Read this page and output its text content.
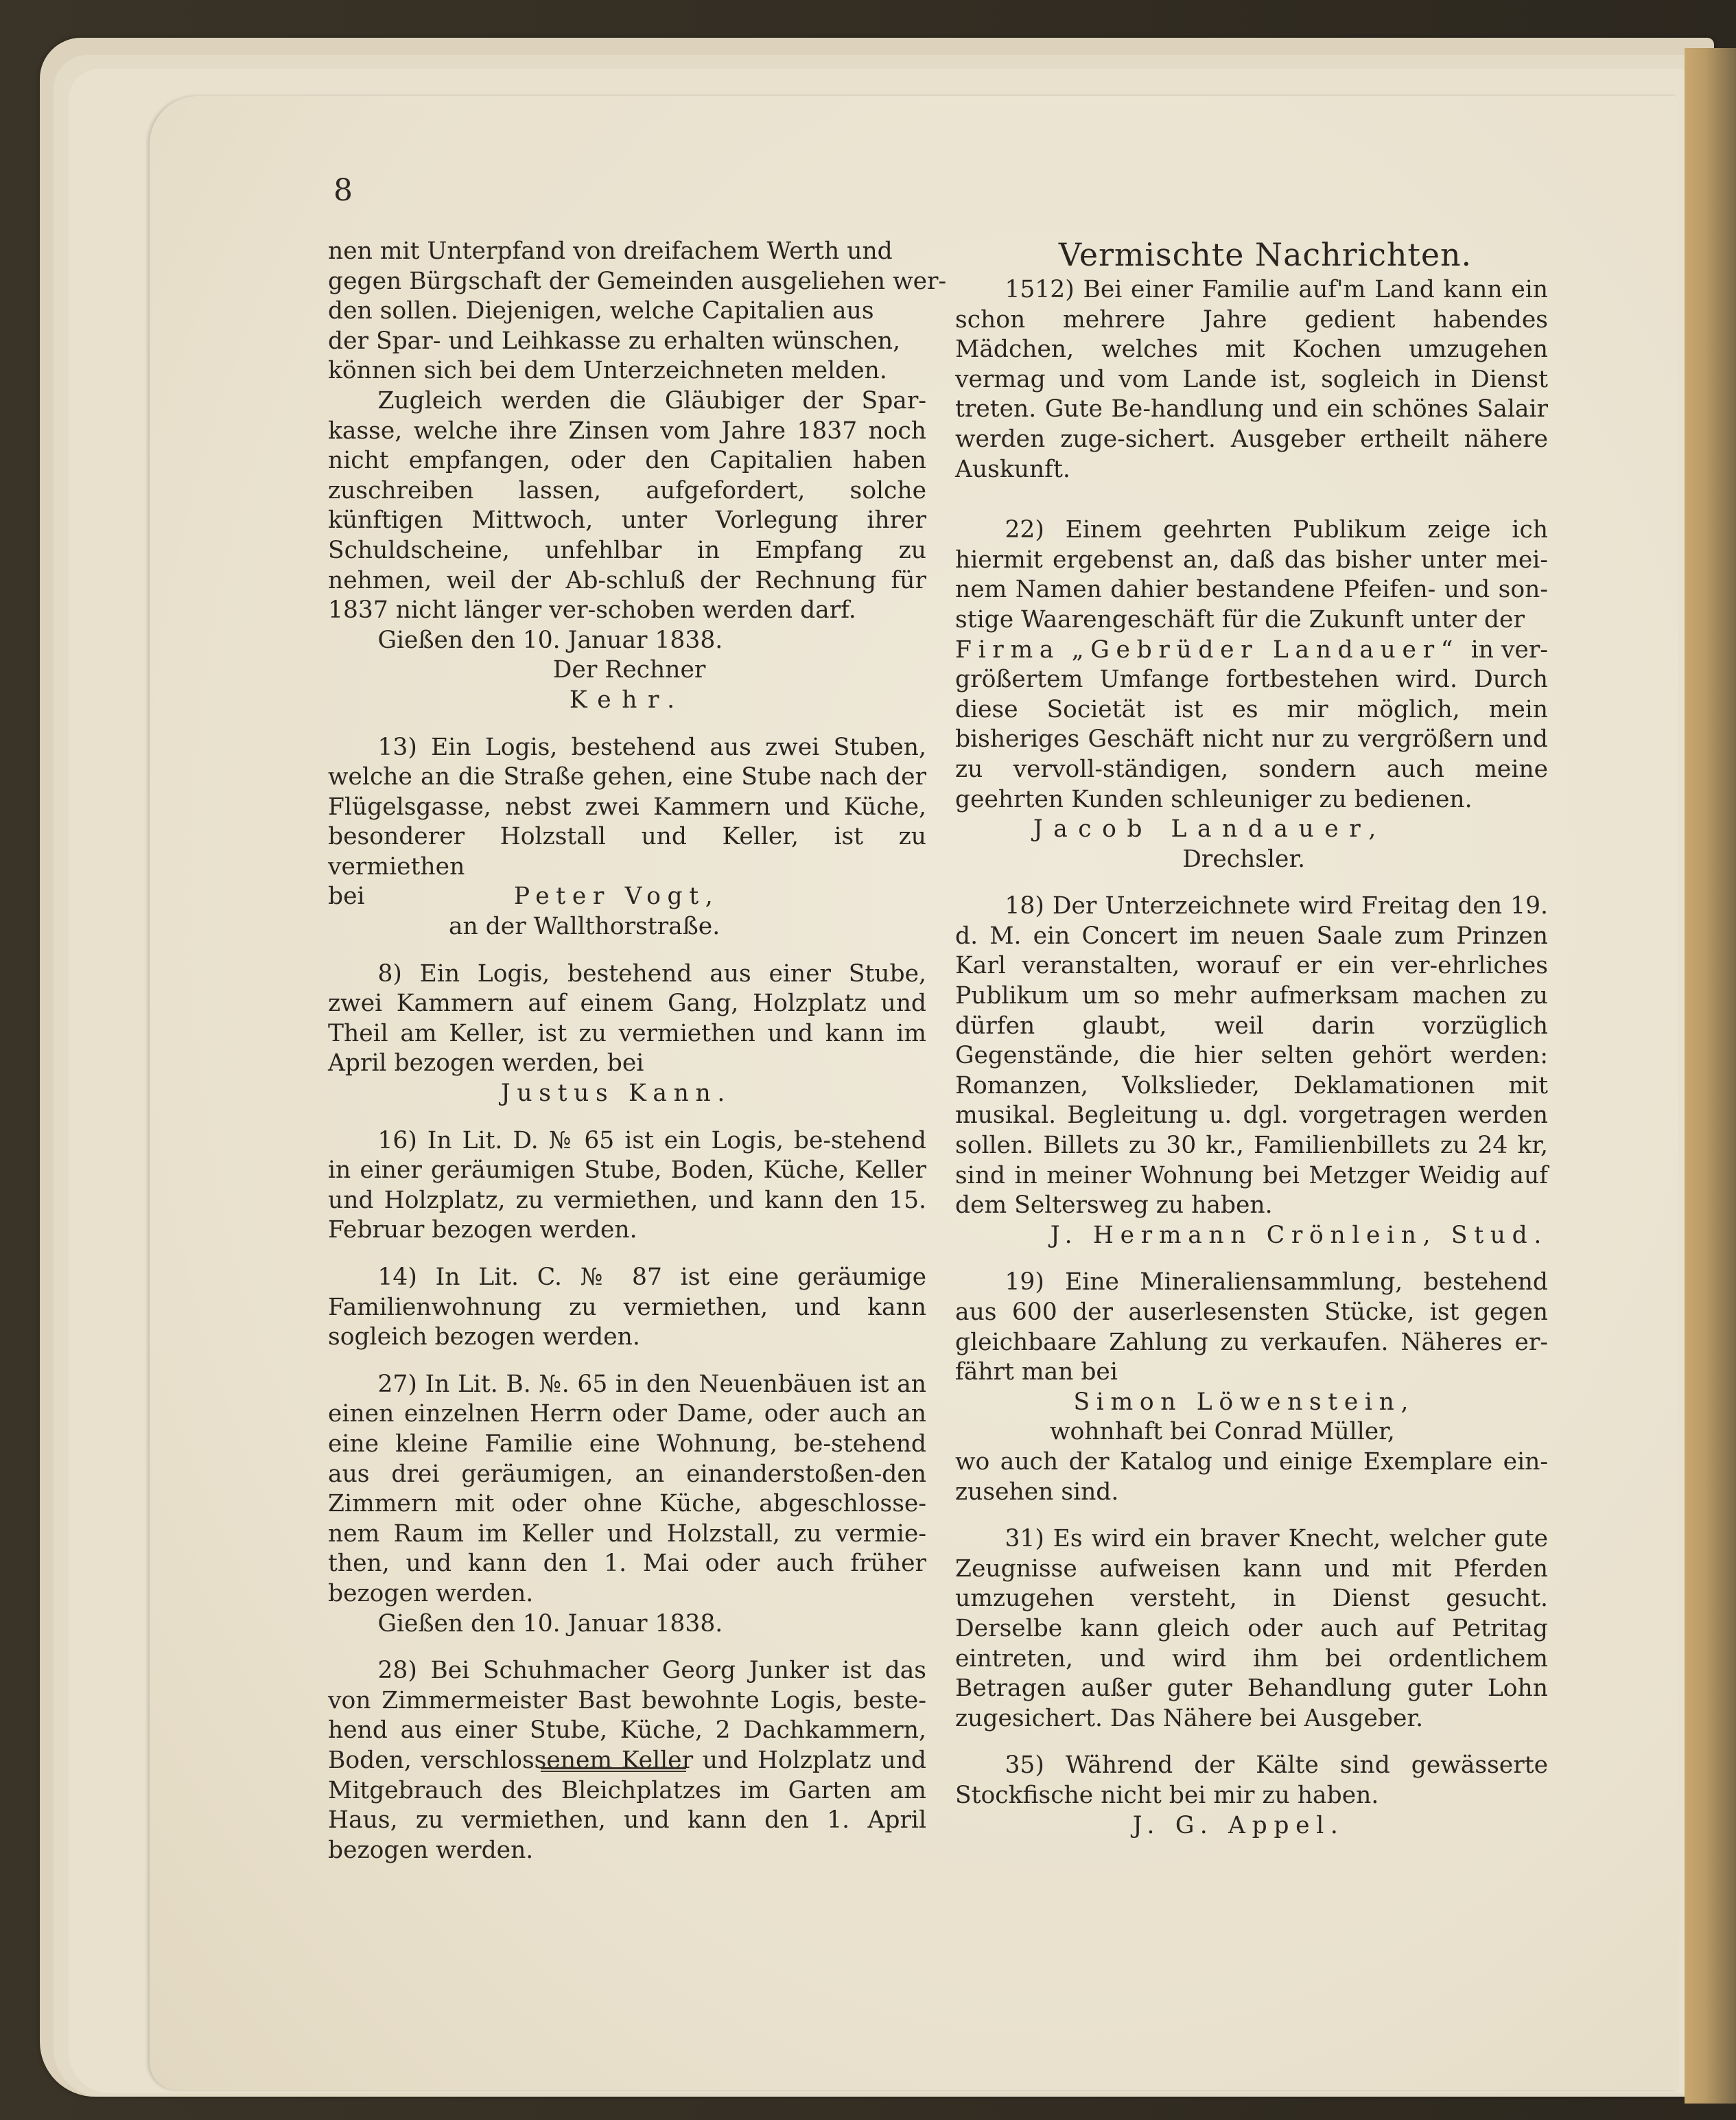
8
nen mit Unterpfand von dreifachem Werth und
gegen Bürgschaft der Gemeinden ausgeliehen wer-
den sollen. Diejenigen, welche Capitalien aus
der Spar- und Leihkasse zu erhalten wünschen,
können sich bei dem Unterzeichneten melden.

Zugleich werden die Gläubiger der Spar-kasse, welche ihre Zinsen vom Jahre 1837 noch nicht empfangen, oder den Capitalien haben zuschreiben lassen, aufgefordert, solche künftigen Mittwoch, unter Vorlegung ihrer Schuldscheine, unfehlbar in Empfang zu nehmen, weil der Ab-schluß der Rechnung für 1837 nicht länger ver-schoben werden darf.

Gießen den 10. Januar 1838.
Der Rechner
Kehr.

13) Ein Logis, bestehend aus zwei Stuben, welche an die Straße gehen, eine Stube nach der Flügelsgasse, nebst zwei Kammern und Küche, besonderer Holzstall und Keller, ist zu vermiethen

bei	Peter Vogt,
an der Wallthorstraße.

8) Ein Logis, bestehend aus einer Stube, zwei Kammern auf einem Gang, Holzplatz und Theil am Keller, ist zu vermiethen und kann im April bezogen werden, bei

Justus Kann.

16) In Lit. D. № 65 ist ein Logis, be-stehend in einer geräumigen Stube, Boden, Küche, Keller und Holzplatz, zu vermiethen, und kann den 15. Februar bezogen werden.

14) In Lit. C. № 87 ist eine geräumige Familienwohnung zu vermiethen, und kann sogleich bezogen werden.

27) In Lit. B. №. 65 in den Neuenbäuen ist an einen einzelnen Herrn oder Dame, oder auch an eine kleine Familie eine Wohnung, be-stehend aus drei geräumigen, an einanderstoßen-den Zimmern mit oder ohne Küche, abgeschlosse-nem Raum im Keller und Holzstall, zu vermie-then, und kann den 1. Mai oder auch früher bezogen werden.

Gießen den 10. Januar 1838.

28) Bei Schuhmacher Georg Junker ist das von Zimmermeister Bast bewohnte Logis, beste-hend aus einer Stube, Küche, 2 Dachkammern, Boden, verschlossenem Keller und Holzplatz und Mitgebrauch des Bleichplatzes im Garten am Haus, zu vermiethen, und kann den 1. April bezogen werden.

Vermischte Nachrichten.

1512) Bei einer Familie auf'm Land kann ein schon mehrere Jahre gedient habendes Mädchen, welches mit Kochen umzugehen vermag und vom Lande ist, sogleich in Dienst treten. Gute Be-handlung und ein schönes Salair werden zuge-sichert. Ausgeber ertheilt nähere Auskunft.

22) Einem geehrten Publikum zeige ich hiermit ergebenst an, daß das bisher unter mei-nem Namen dahier bestandene Pfeifen- und son-stige Waarengeschäft für die Zukunft unter der

Firma „Gebrüder Landauer“ in ver-

größertem Umfange fortbestehen wird. Durch diese Societät ist es mir möglich, mein bisheriges Geschäft nicht nur zu vergrößern und zu vervoll-ständigen, sondern auch meine geehrten Kunden schleuniger zu bedienen.

Jacob Landauer,
Drechsler.

18) Der Unterzeichnete wird Freitag den 19. d. M. ein Concert im neuen Saale zum Prinzen Karl veranstalten, worauf er ein ver-ehrliches Publikum um so mehr aufmerksam machen zu dürfen glaubt, weil darin vorzüglich Gegenstände, die hier selten gehört werden: Romanzen, Volkslieder, Deklamationen mit musikal. Begleitung u. dgl. vorgetragen werden sollen. Billets zu 30 kr., Familienbillets zu 24 kr, sind in meiner Wohnung bei Metzger Weidig auf dem Seltersweg zu haben.

J. Hermann Crönlein, Stud.

19) Eine Mineraliensammlung, bestehend aus 600 der auserlesensten Stücke, ist gegen gleichbaare Zahlung zu verkaufen. Näheres er-fährt man bei

Simon Löwenstein,
wohnhaft bei Conrad Müller,

wo auch der Katalog und einige Exemplare ein-zusehen sind.

31) Es wird ein braver Knecht, welcher gute Zeugnisse aufweisen kann und mit Pferden umzugehen versteht, in Dienst gesucht. Derselbe kann gleich oder auch auf Petritag eintreten, und wird ihm bei ordentlichem Betragen außer guter Behandlung guter Lohn zugesichert. Das Nähere bei Ausgeber.

35) Während der Kälte sind gewässerte Stockfische nicht bei mir zu haben.

J. G. Appel.
